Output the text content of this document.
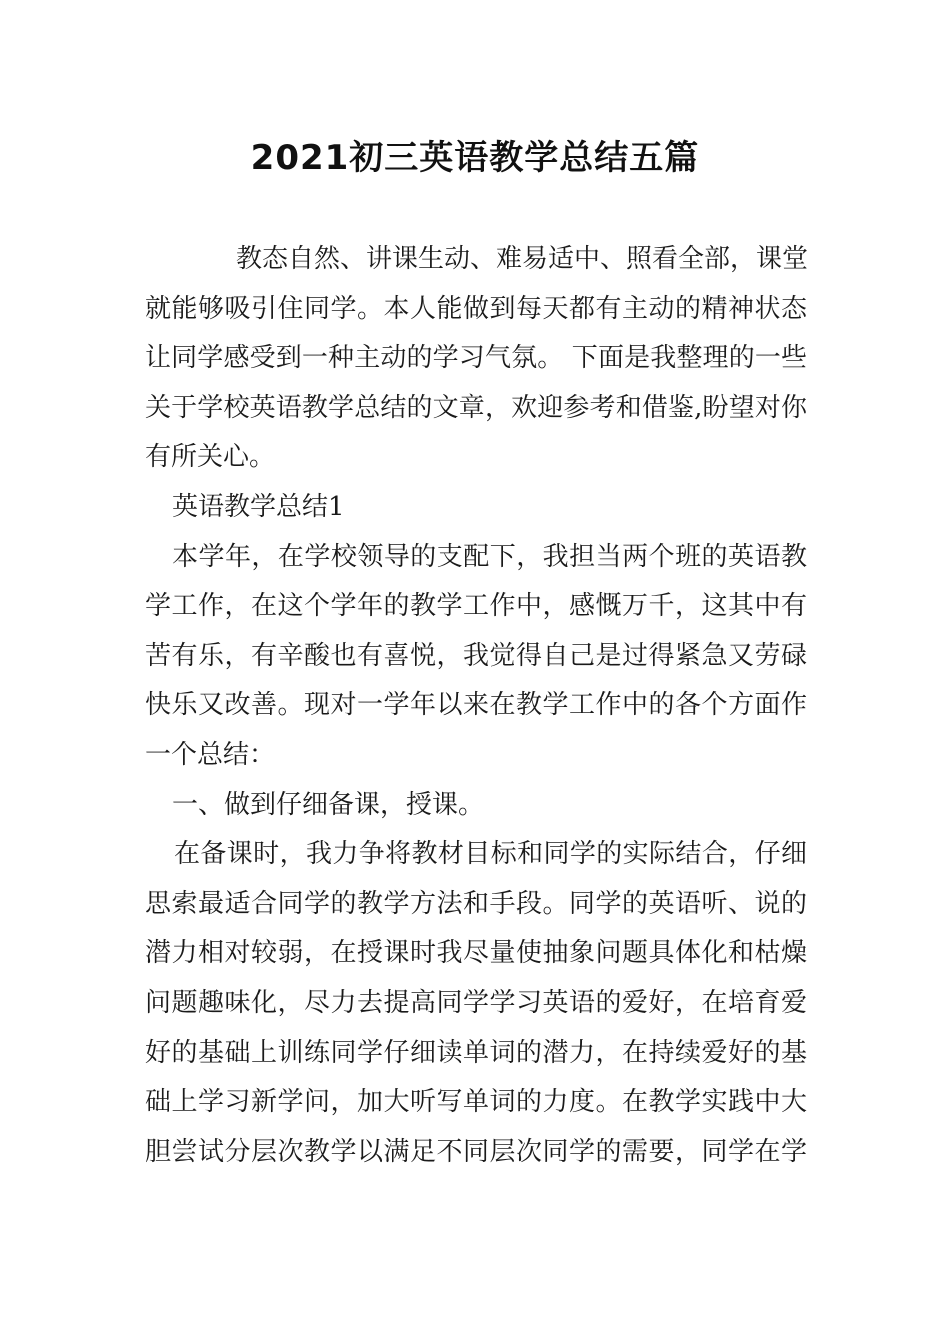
2021初三英语教学总结五篇
教态自然、讲课生动、难易适中、照看全部，课堂
就能够吸引住同学。本人能做到每天都有主动的精神状态
让同学感受到一种主动的学习气氛。 下面是我整理的一些
关于学校英语教学总结的文章，欢迎参考和借鉴,盼望对你
有所关心。
英语教学总结1
本学年，在学校领导的支配下，我担当两个班的英语教
学工作，在这个学年的教学工作中，感慨万千，这其中有
苦有乐，有辛酸也有喜悦，我觉得自己是过得紧急又劳碌
快乐又改善。现对一学年以来在教学工作中的各个方面作
一个总结：
一、做到仔细备课，授课。
在备课时，我力争将教材目标和同学的实际结合，仔细
思索最适合同学的教学方法和手段。同学的英语听、说的
潜力相对较弱，在授课时我尽量使抽象问题具体化和枯燥
问题趣味化，尽力去提高同学学习英语的爱好，在培育爱
好的基础上训练同学仔细读单词的潜力，在持续爱好的基
础上学习新学问，加大听写单词的力度。在教学实践中大
胆尝试分层次教学以满足不同层次同学的需要，同学在学
